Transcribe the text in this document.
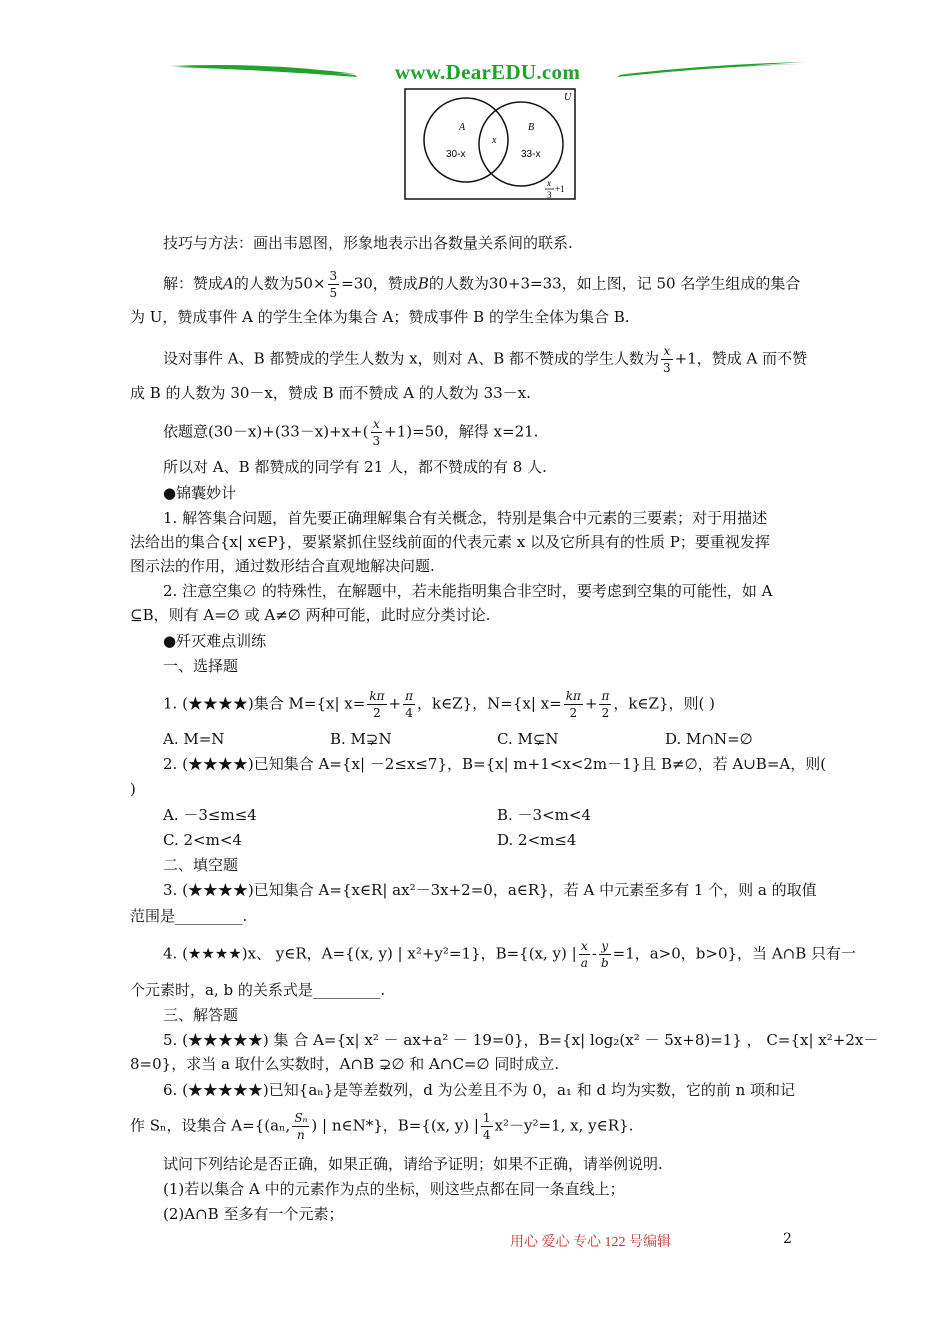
www.DearEDU.com
U
A	B
30-x
x
33-x
x
3
+1
技巧与方法：画出韦恩图，形象地表示出各数量关系间的联系.
解：赞成A的人数为$50\times \frac{3}{5} =30$，赞成B的人数为30+3=33，如上图，记 50 名学生组成的集合
为 U，赞成事件 A 的学生全体为集合 A；赞成事件 B 的学生全体为集合 B.
设对事件 A、B 都赞成的学生人数为 x，则对 A、B 都不赞成的学生人数为 $\frac{x}{3} +1$，赞成 A 而不赞
成 B 的人数为 30－x，赞成 B 而不赞成 A 的人数为 33－x.
依题意$(30-x)+(33-x)+x+( \frac{x}{3} +1)=50$，解得 x=21.
所以对 A、B 都赞成的同学有 21 人，都不赞成的有 8 人.
●锦囊妙计
1. 解答集合问题，首先要正确理解集合有关概念，特别是集合中元素的三要素；对于用描述
法给出的集合{x| x∈P}，要紧紧抓住竖线前面的代表元素 x 以及它所具有的性质 P；要重视发挥
图示法的作用，通过数形结合直观地解决问题.
2. 注意空集∅ 的特殊性，在解题中，若未能指明集合非空时，要考虑到空集的可能性，如 A
⊆B，则有 A=∅ 或 A≠∅ 两种可能，此时应分类讨论.
●歼灭难点训练
一、选择题
1. (★★★★)集合 M={x| $x= \frac{k\pi}{2} + \frac{\pi}{4}$ ，k∈Z}，N={x| $x= \frac{k\pi}{2} + \frac{\pi}{2}$ ，k∈Z}，则( )
A. M=N	B. M⊋N	C. M⊊N	D. M∩N=∅
2. (★★★★)已知集合 A={x| －2≤x≤7}，B={x| m+1<x<2m－1}且 B≠∅，若 A∪B=A，则(
)
A. －3≤m≤4	B. －3<m<4
C. 2<m<4	D. 2<m≤4
二、填空题
3. (★★★★)已知集合 A={x∈R| ax²－3x+2=0，a∈R}，若 A 中元素至多有 1 个，则 a 的取值
范围是_________.
4. (★★★★)x、 y∈R，A={(x, y) | x²+y²=1}，B={(x, y) | $\frac{x}{a} - \frac{y}{b} =1$，a>0，b>0}，当 A∩B 只有一
个元素时，a, b 的关系式是_________.
三、解答题
5. (★★★★★) 集 合 A={x| x² － ax+a² － 19=0}，B={x| log₂(x² － 5x+8)=1} ， C={x| x²+2x－
8=0}，求当 a 取什么实数时，A∩B ⊋∅ 和 A∩C=∅ 同时成立.
6. (★★★★★)已知{aₙ}是等差数列，d 为公差且不为 0，a₁ 和 d 均为实数，它的前 n 项和记
作 Sₙ，设集合 A={(aₙ, $\frac{\text{Sₙ}}{n}$ ) | n∈N*}，B={(x, y) | $\frac{1}{4} x^2-y^2=1$, x, y∈R}.
试问下列结论是否正确，如果正确，请给予证明；如果不正确，请举例说明.
(1)若以集合 A 中的元素作为点的坐标，则这些点都在同一条直线上；
(2)A∩B 至多有一个元素；
用心 爱心 专心 122 号编辑	2
